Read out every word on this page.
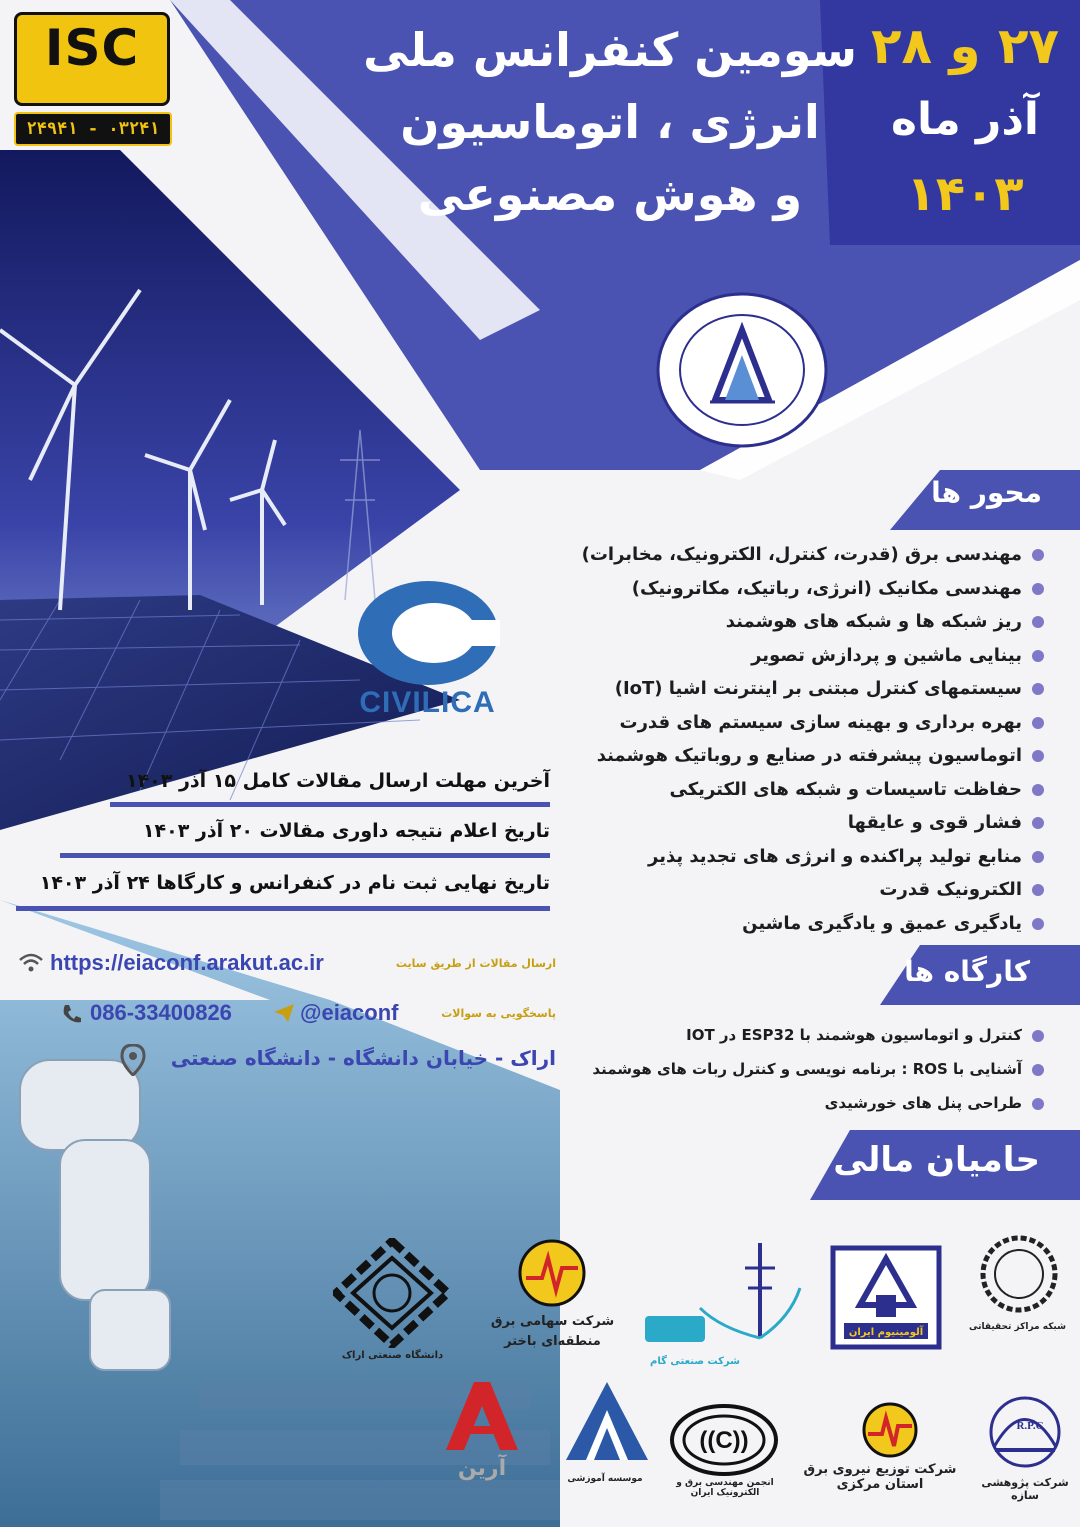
ISC
۰۳۲۴۱ - ۲۴۹۴۱
سومین کنفرانس ملی
انرژی ، اتوماسیون
و هوش مصنوعی
۲۷ و ۲۸
آذر ماه
۱۴۰۳
CIVILICA
محور ها
مهندسی برق (قدرت، کنترل، الکترونیک، مخابرات)
مهندسی مکانیک (انرژی، رباتیک، مکاترونیک)
ریز شبکه ها و شبکه های هوشمند
بینایی ماشین و پردازش تصویر
سیستمهای کنترل مبتنی بر اینترنت اشیا (IoT)
بهره برداری و بهینه سازی سیستم های قدرت
اتوماسیون پیشرفته در صنایع و روباتیک هوشمند
حفاظت تاسیسات و شبکه های الکتریکی
فشار قوی و عایقها
منابع تولید پراکنده و انرژی های تجدید پذیر
الکترونیک قدرت
یادگیری عمیق و یادگیری ماشین
کارگاه ها
کنترل و اتوماسیون هوشمند با ESP32 در IOT
آشنایی با ROS : برنامه نویسی و کنترل ربات های هوشمند
طراحی پنل های خورشیدی
آخرین مهلت ارسال مقالات کامل ۱۵ آذر ۱۴۰۳
تاریخ اعلام نتیجه داوری مقالات ۲۰ آذر ۱۴۰۳
تاریخ نهایی ثبت نام در کنفرانس و کارگاها ۲۴ آذر ۱۴۰۳
https://eiaconf.arakut.ac.ir	ارسال مقالات از طریق سایت
086-33400826	@eiaconf	پاسخگویی به سوالات
اراک - خیابان دانشگاه - دانشگاه صنعتی
حامیان مالی
شبکه مراکز تحقیقاتی
آلومینیوم ایران
شرکت صنعتی گام
شرکت سهامی برق منطقه‌ای باختر
دانشگاه صنعتی اراک
R.P.C
شرکت پژوهشی سازه
شرکت توزیع نیروی برق استان مرکزی
((C))
انجمن مهندسی برق و الکترونیک ایران
موسسه آموزشی
آرین
